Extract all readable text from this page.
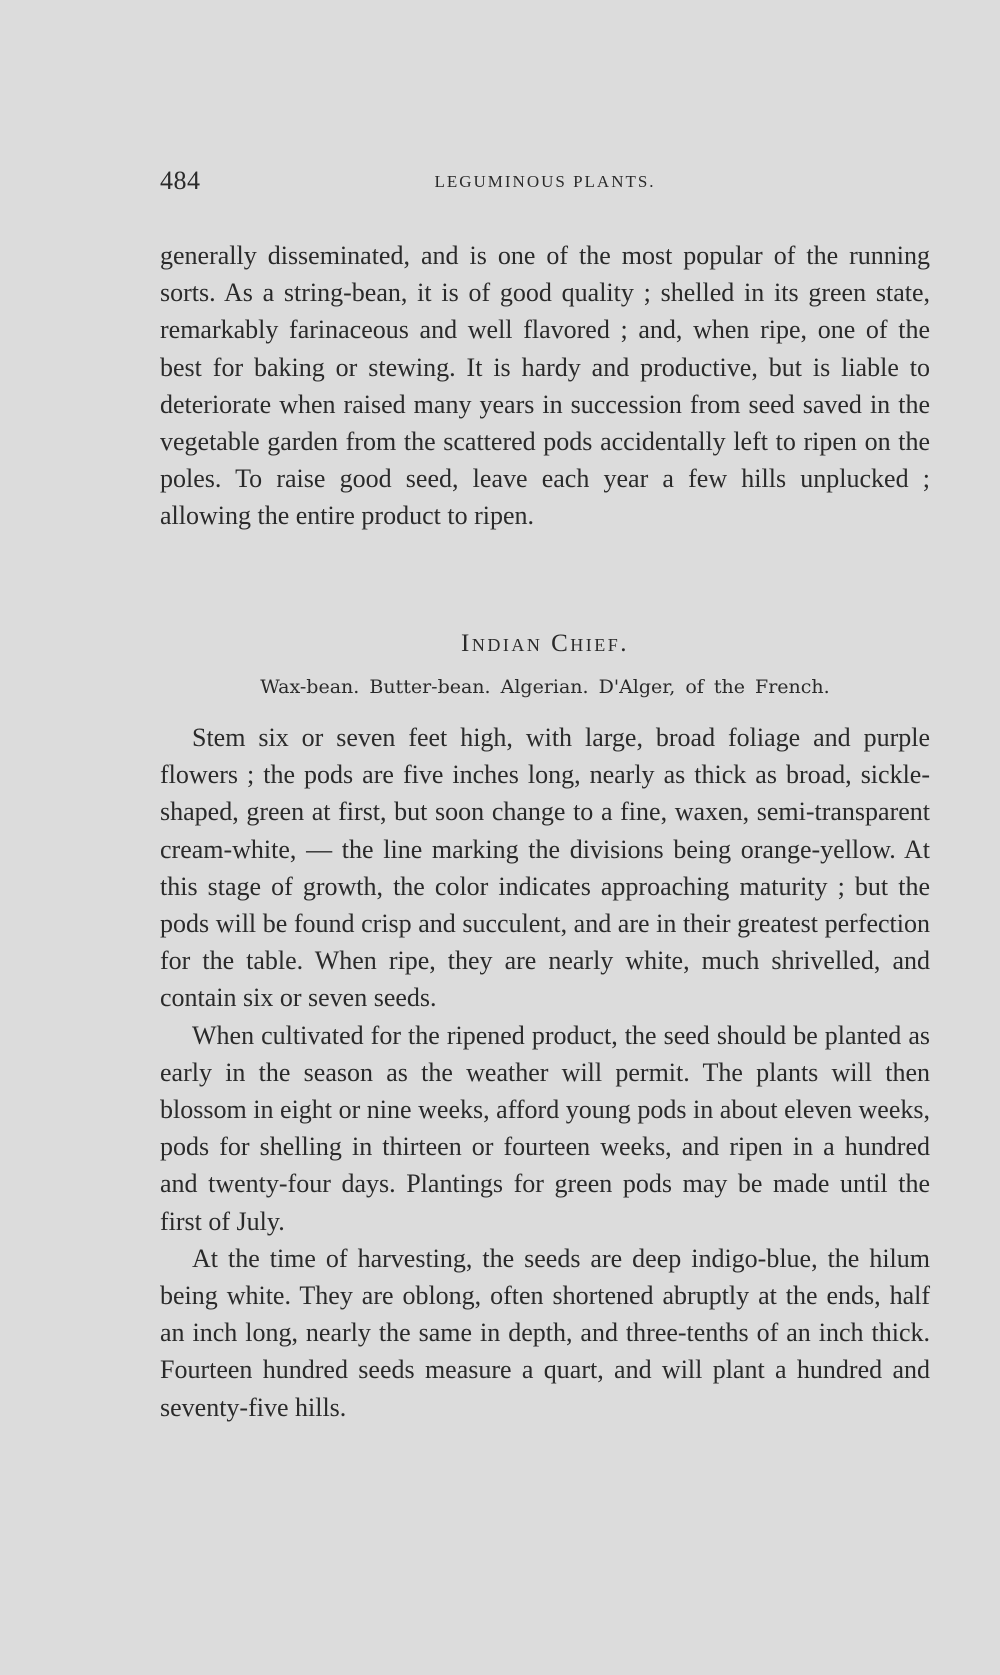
484	LEGUMINOUS PLANTS.

generally disseminated, and is one of the most popular of the running sorts. As a string-bean, it is of good quality ; shelled in its green state, remarkably farinaceous and well flavored ; and, when ripe, one of the best for baking or stewing. It is hardy and productive, but is liable to deteriorate when raised many years in succession from seed saved in the vegetable garden from the scattered pods accidentally left to ripen on the poles. To raise good seed, leave each year a few hills unplucked ; allowing the entire product to ripen.

Indian Chief.
Wax-bean. Butter-bean. Algerian. D'Alger, of the French.

Stem six or seven feet high, with large, broad foliage and purple flowers ; the pods are five inches long, nearly as thick as broad, sickle-shaped, green at first, but soon change to a fine, waxen, semi-transparent cream-white, — the line marking the divisions being orange-yellow. At this stage of growth, the color indicates approaching maturity ; but the pods will be found crisp and succulent, and are in their greatest perfection for the table. When ripe, they are nearly white, much shrivelled, and contain six or seven seeds.

When cultivated for the ripened product, the seed should be planted as early in the season as the weather will permit. The plants will then blossom in eight or nine weeks, afford young pods in about eleven weeks, pods for shelling in thirteen or fourteen weeks, and ripen in a hundred and twenty-four days. Plantings for green pods may be made until the first of July.

At the time of harvesting, the seeds are deep indigo-blue, the hilum being white. They are oblong, often shortened abruptly at the ends, half an inch long, nearly the same in depth, and three-tenths of an inch thick. Fourteen hundred seeds measure a quart, and will plant a hundred and seventy-five hills.
